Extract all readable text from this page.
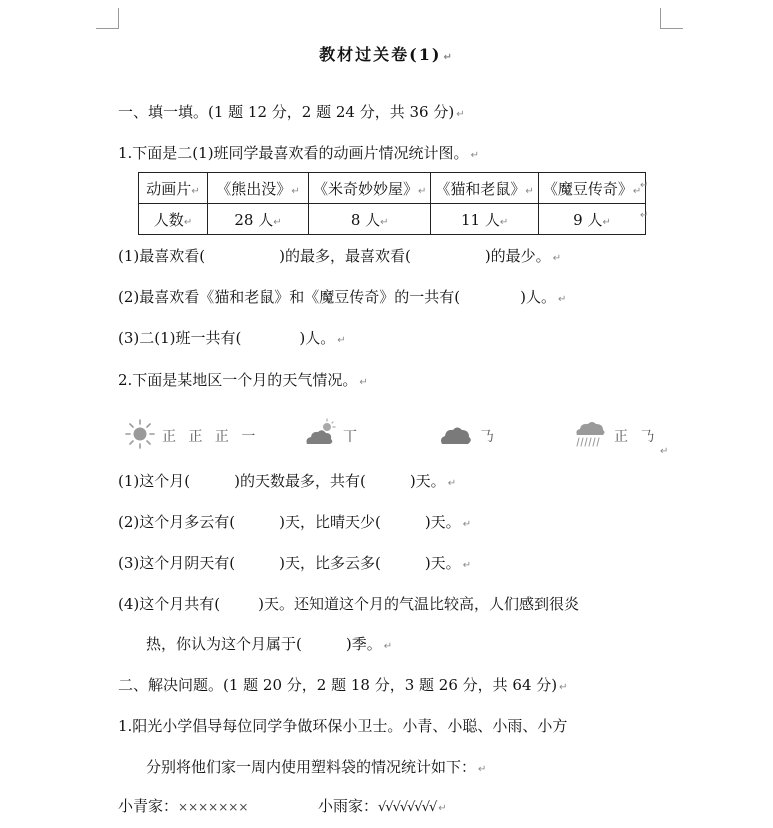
教材过关卷(1) ↵
一、填一填。(1 题 12 分，2 题 24 分，共 36 分) ↵
1.下面是二(1)班同学最喜欢看的动画片情况统计图。 ↵
动画片↵	《熊出没》↵	《米奇妙妙屋》↵	《猫和老鼠》↵	《魔豆传奇》↵
人数↵	28 人↵	8 人↵	11 人↵	9 人↵
↵
↵
(1)最喜欢看(	)的最多，最喜欢看(	)的最少。 ↵
(2)最喜欢看《猫和老鼠》和《魔豆传奇》的一共有(	)人。 ↵
(3)二(1)班一共有(	)人。 ↵
2.下面是某地区一个月的天气情况。 ↵
正 正 正 一	丅	𠄎	正 𠄎
↵
(1)这个月(	)的天数最多，共有(	)天。 ↵
(2)这个月多云有(	)天，比晴天少(	)天。 ↵
(3)这个月阴天有(	)天，比多云多(	)天。 ↵
(4)这个月共有(	)天。还知道这个月的气温比较高，人们感到很炎
热，你认为这个月属于(	)季。 ↵
二、解决问题。(1 题 20 分，2 题 18 分，3 题 26 分，共 64 分) ↵
1.阳光小学倡导每位同学争做环保小卫士。小青、小聪、小雨、小方
分别将他们家一周内使用塑料袋的情况统计如下： ↵
小青家：×××××××	小雨家：√√√√√√√√ ↵
